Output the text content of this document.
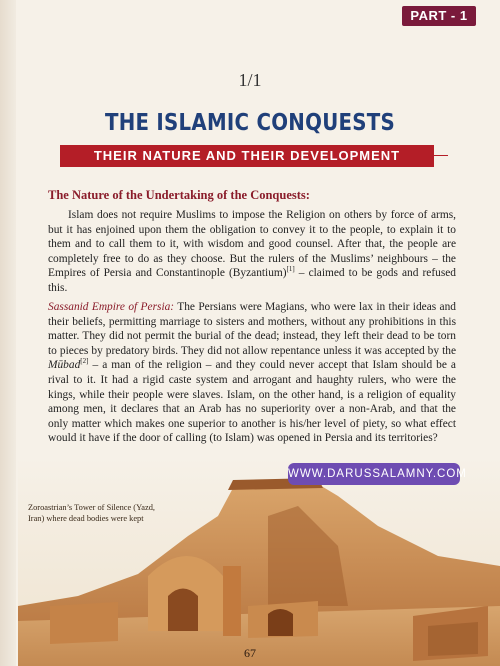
PART - 1
1/1
THE ISLAMIC CONQUESTS
THEIR NATURE AND THEIR DEVELOPMENT
The Nature of the Undertaking of the Conquests:

Islam does not require Muslims to impose the Religion on others by force of arms, but it has enjoined upon them the obligation to convey it to the people, to explain it to them and to call them to it, with wisdom and good counsel. After that, the people are completely free to do as they choose. But the rulers of the Muslims’ neighbours – the Empires of Persia and Constantinople (Byzantium)[1] – claimed to be gods and refused this.

Sassanid Empire of Persia: The Persians were Magians, who were lax in their ideas and their beliefs, permitting marriage to sisters and mothers, without any prohibitions in this matter. They did not permit the burial of the dead; instead, they left their dead to be torn to pieces by predatory birds. They did not allow repentance unless it was accepted by the Mūbad[2] – a man of the religion – and they could never accept that Islam should be a rival to it. It had a rigid caste system and arrogant and haughty rulers, who were the kings, while their people were slaves. Islam, on the other hand, is a religion of equality among men, it declares that an Arab has no superiority over a non-Arab, and that the only matter which makes one superior to another is his/her level of piety, so what effect would it have if the door of calling (to Islam) was opened in Persia and its territories?

WWW.DARUSSALAMNY.COM
Zoroastrian’s Tower of Silence (Yazd, Iran) where dead bodies were kept
67
